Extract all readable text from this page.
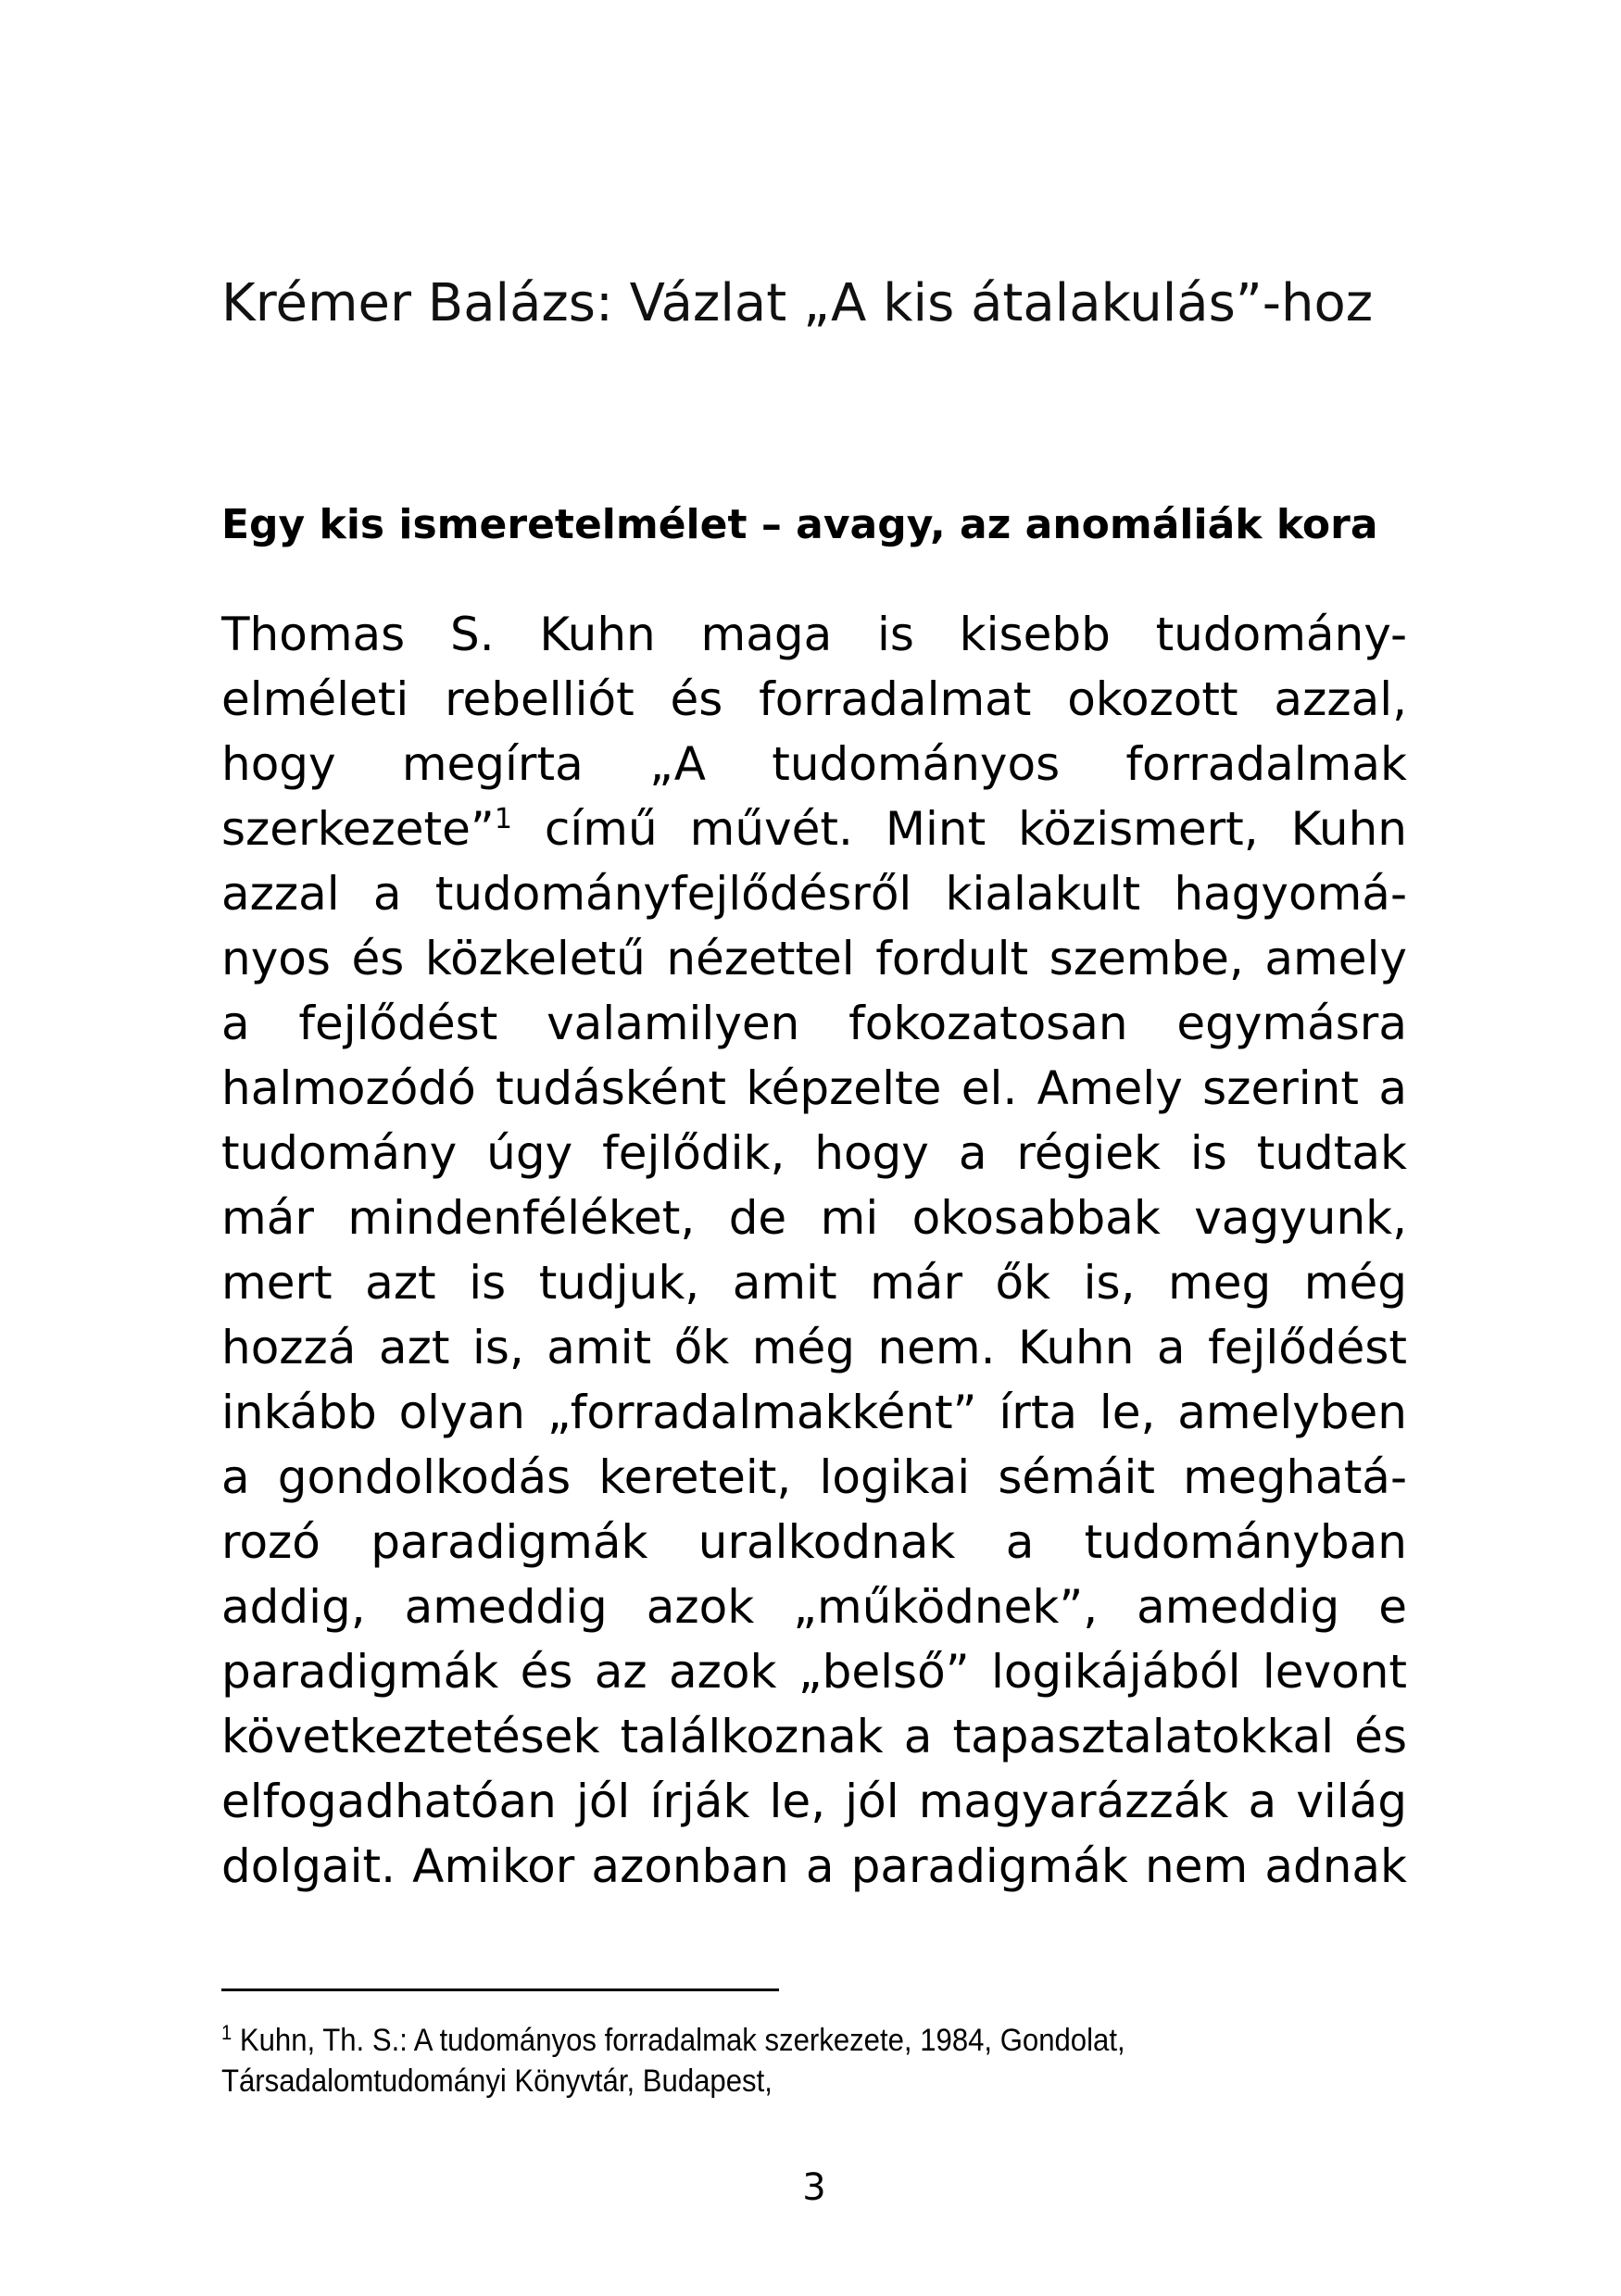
Krémer Balázs: Vázlat „A kis átalakulás”-hoz
Egy kis ismeretelmélet – avagy, az anomáliák kora
Thomas S. Kuhn maga is kisebb tudomány-
elméleti rebelliót és forradalmat okozott azzal,
hogy megírta „A tudományos forradalmak
szerkezete”$^1$ című művét. Mint közismert, Kuhn
azzal a tudományfejlődésről kialakult hagyomá-
nyos és közkeletű nézettel fordult szembe, amely
a fejlődést valamilyen fokozatosan egymásra
halmozódó tudásként képzelte el. Amely szerint a
tudomány úgy fejlődik, hogy a régiek is tudtak
már mindenféléket, de mi okosabbak vagyunk,
mert azt is tudjuk, amit már ők is, meg még
hozzá azt is, amit ők még nem. Kuhn a fejlődést
inkább olyan „forradalmakként” írta le, amelyben
a gondolkodás kereteit, logikai sémáit meghatá-
rozó paradigmák uralkodnak a tudományban
addig, ameddig azok „működnek”, ameddig e
paradigmák és az azok „belső” logikájából levont
következtetések találkoznak a tapasztalatokkal és
elfogadhatóan jól írják le, jól magyarázzák a világ
dolgait. Amikor azonban a paradigmák nem adnak
$^1$ Kuhn, Th. S.: A tudományos forradalmak szerkezete, 1984, Gondolat,
Társadalomtudományi Könyvtár, Budapest,
3
